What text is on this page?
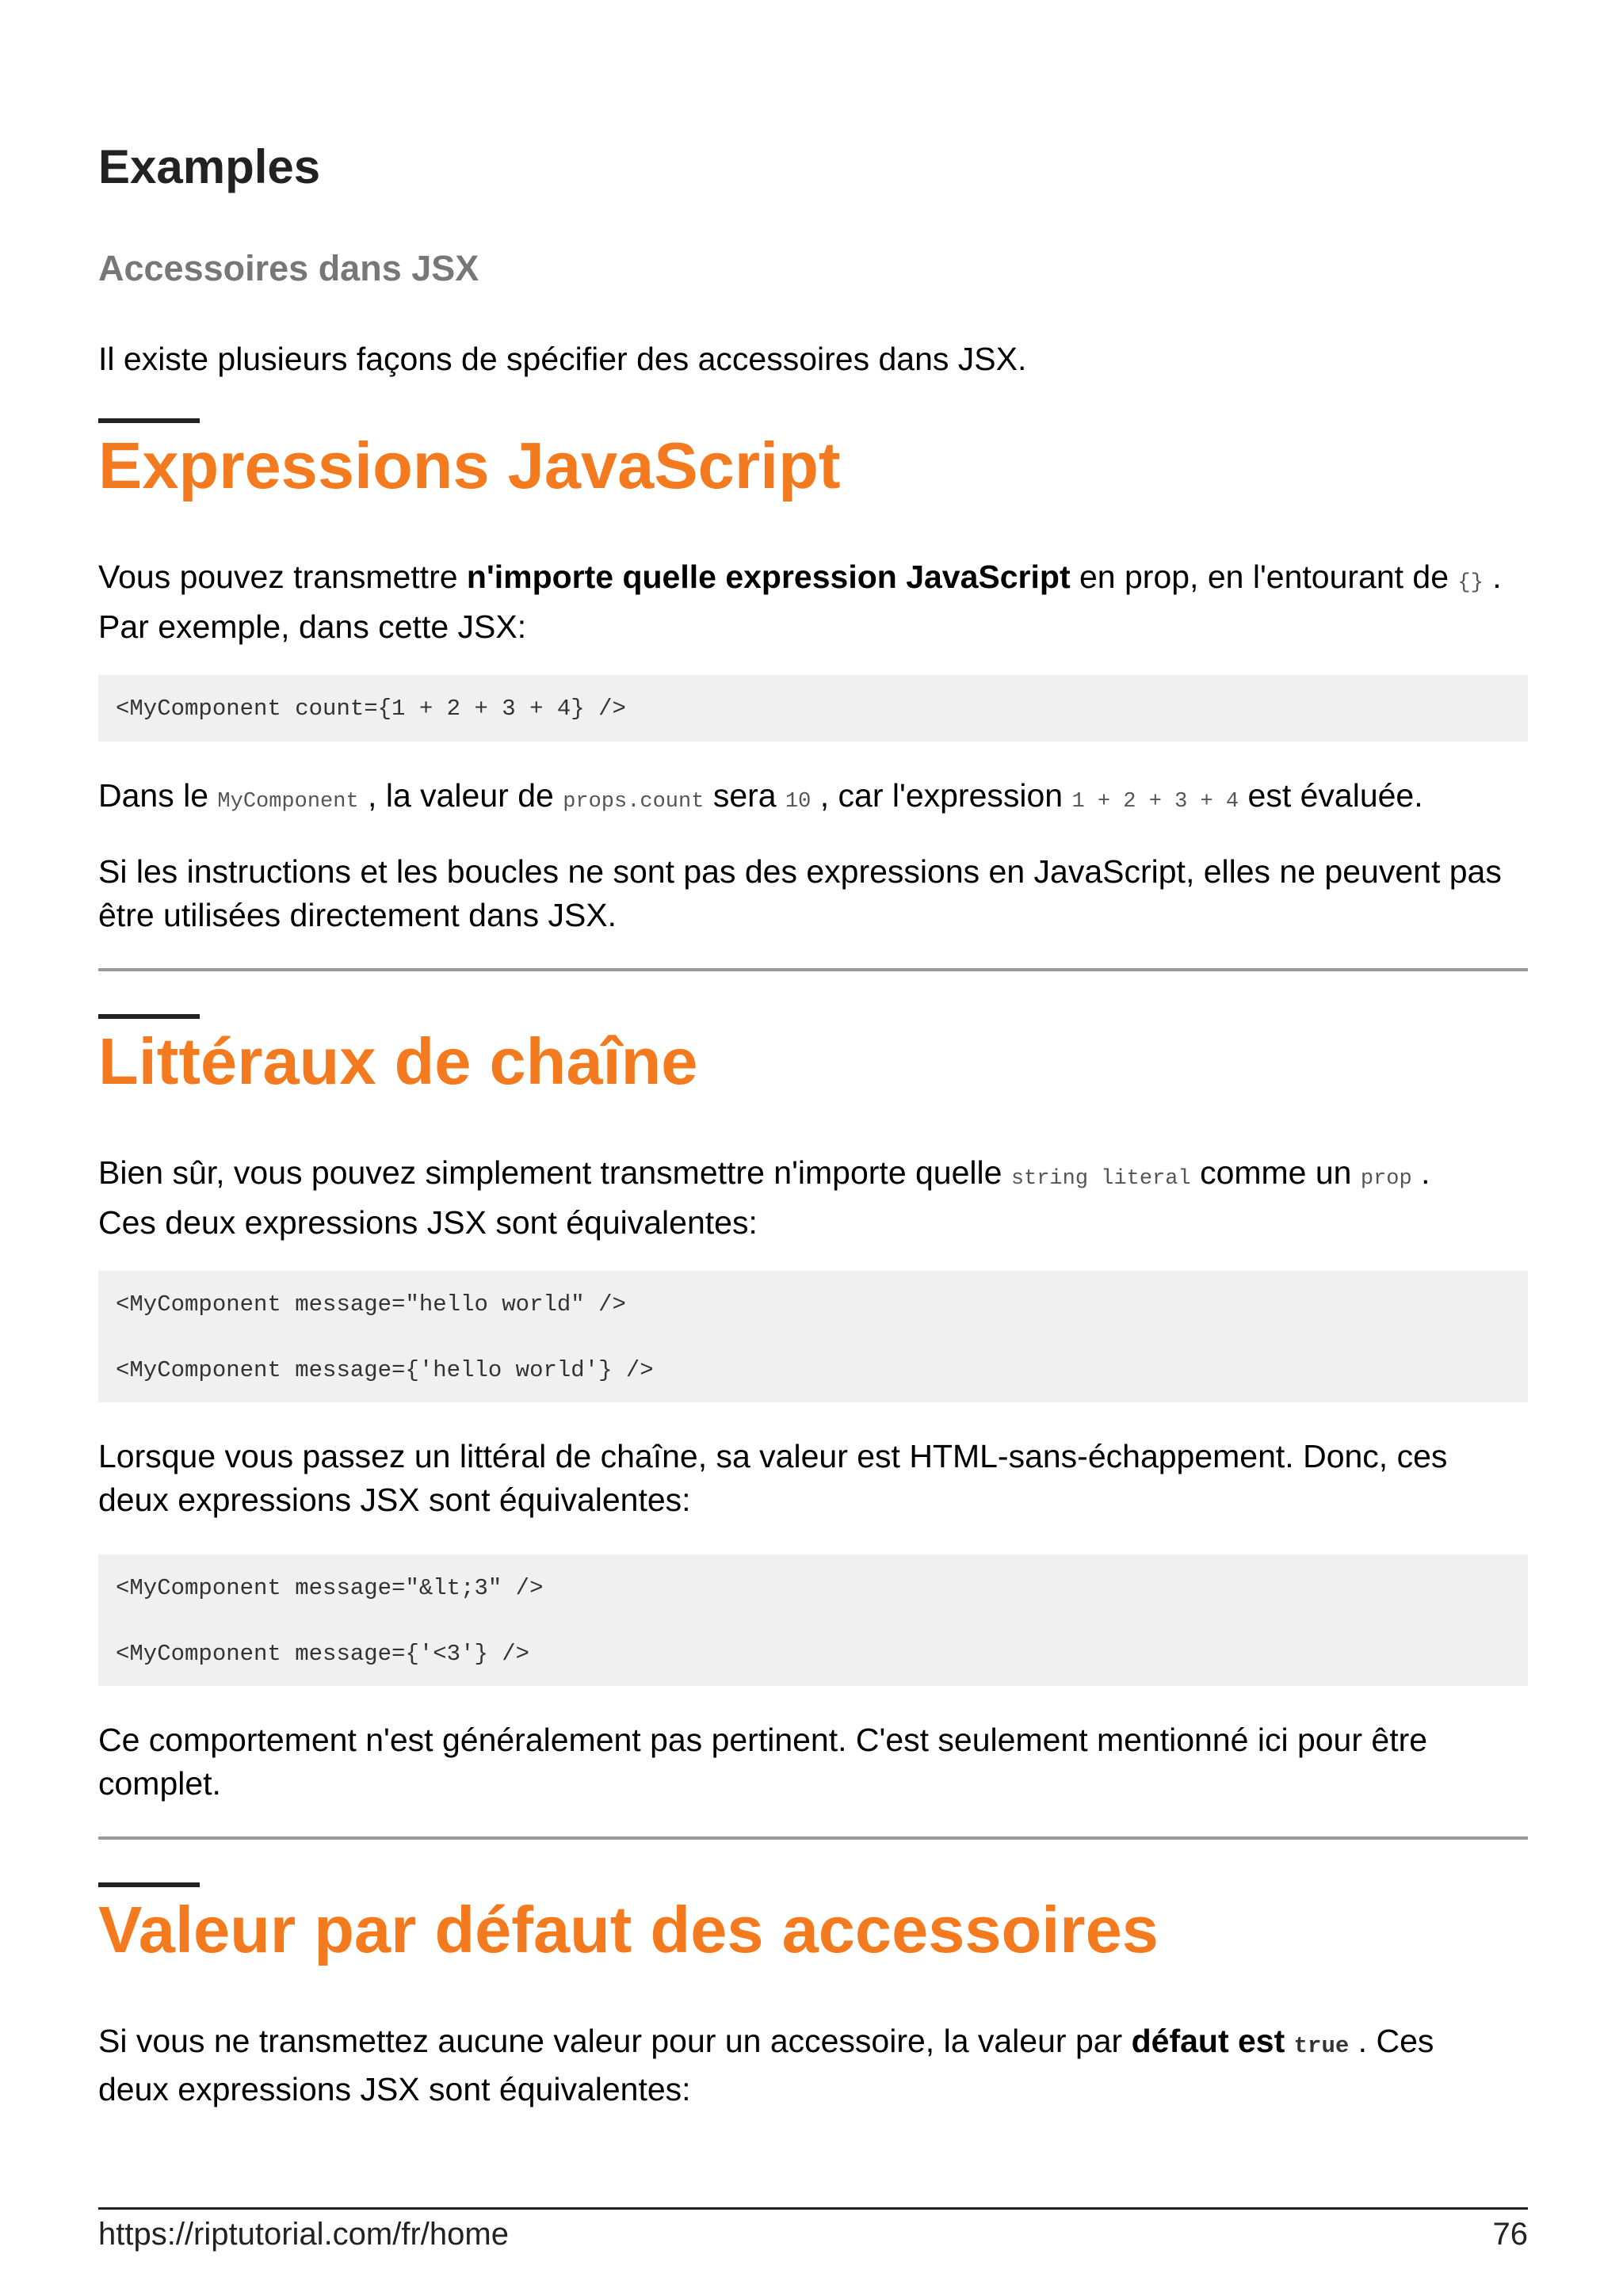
Examples
Accessoires dans JSX

Il existe plusieurs façons de spécifier des accessoires dans JSX.

Expressions JavaScript

Vous pouvez transmettre n'importe quelle expression JavaScript en prop, en l'entourant de {} .
Par exemple, dans cette JSX:

<MyComponent count={1 + 2 + 3 + 4} />

Dans le MyComponent , la valeur de props.count sera 10 , car l'expression 1 + 2 + 3 + 4 est évaluée.

Si les instructions et les boucles ne sont pas des expressions en JavaScript, elles ne peuvent pas
être utilisées directement dans JSX.

Littéraux de chaîne

Bien sûr, vous pouvez simplement transmettre n'importe quelle string literal comme un prop .
Ces deux expressions JSX sont équivalentes:

<MyComponent message="hello world" />
<MyComponent message={'hello world'} />

Lorsque vous passez un littéral de chaîne, sa valeur est HTML-sans-échappement. Donc, ces
deux expressions JSX sont équivalentes:

<MyComponent message="&lt;3" />
<MyComponent message={'<3'} />

Ce comportement n'est généralement pas pertinent. C'est seulement mentionné ici pour être
complet.

Valeur par défaut des accessoires

Si vous ne transmettez aucune valeur pour un accessoire, la valeur par défaut est true . Ces
deux expressions JSX sont équivalentes:

https://riptutorial.com/fr/home	76
